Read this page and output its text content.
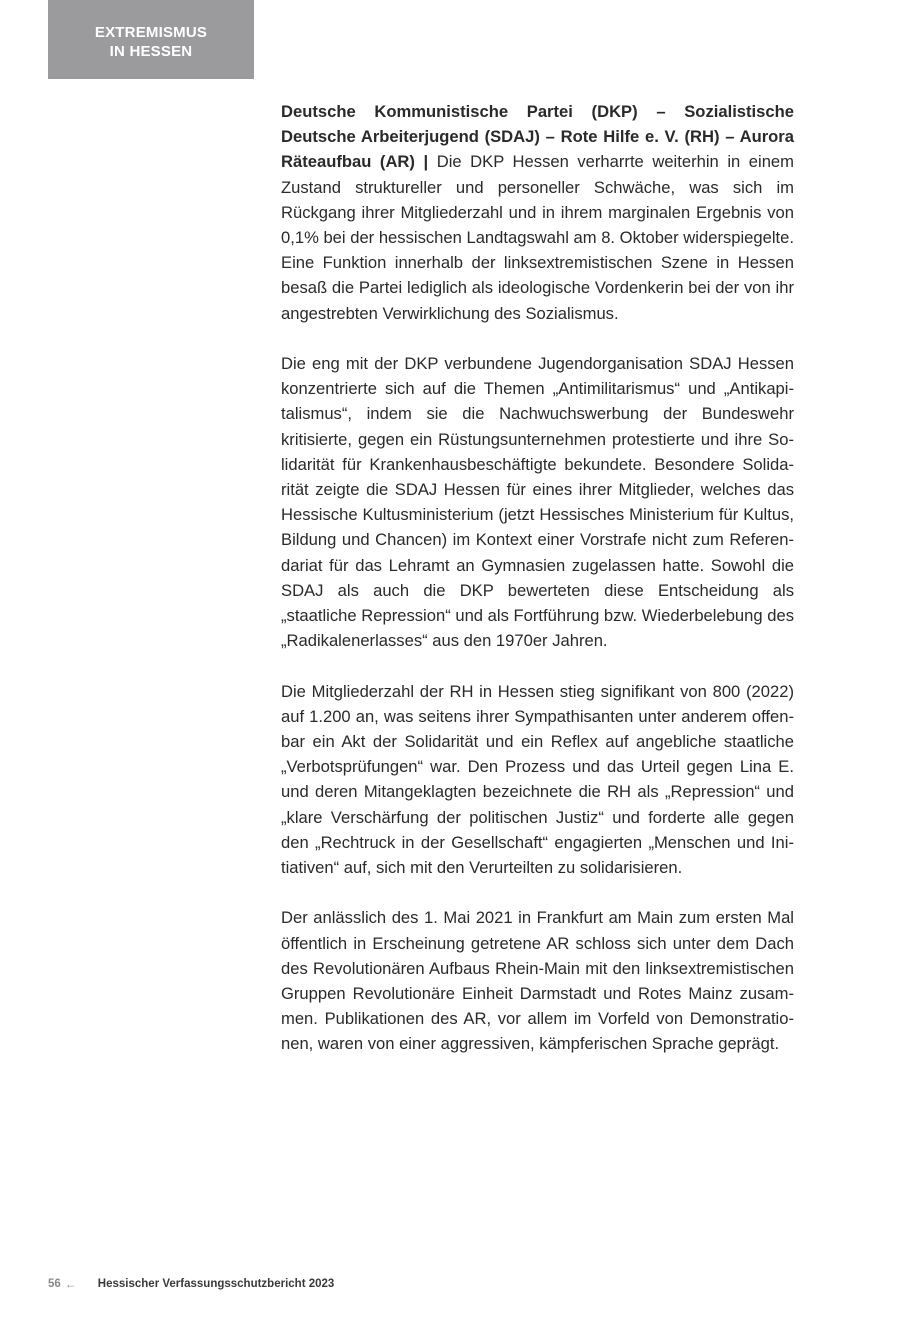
EXTREMISMUS
IN HESSEN

Deutsche Kommunistische Partei (DKP) – Sozialistische Deutsche Arbeiterjugend (SDAJ) – Rote Hilfe e. V. (RH) – Aurora Räteaufbau (AR) | Die DKP Hessen verharrte weiterhin in einem Zustand struktureller und personeller Schwäche, was sich im Rückgang ihrer Mitgliederzahl und in ihrem marginalen Ergebnis von 0,1% bei der hessischen Landtagswahl am 8. Oktober widerspiegelte. Eine Funktion innerhalb der linksextremistischen Szene in Hessen besaß die Partei lediglich als ideologische Vordenkerin bei der von ihr angestrebten Verwirklichung des Sozialismus.

Die eng mit der DKP verbundene Jugendorganisation SDAJ Hessen konzentrierte sich auf die Themen „Antimilitarismus“ und „Antikapitalismus“, indem sie die Nachwuchswerbung der Bundeswehr kritisierte, gegen ein Rüstungsunternehmen protestierte und ihre Solidarität für Krankenhausbeschäftigte bekundete. Besondere Solidarität zeigte die SDAJ Hessen für eines ihrer Mitglieder, welches das Hessische Kultusministerium (jetzt Hessisches Ministerium für Kultus, Bildung und Chancen) im Kontext einer Vorstrafe nicht zum Referendariat für das Lehramt an Gymnasien zugelassen hatte. Sowohl die SDAJ als auch die DKP bewerteten diese Entscheidung als „staatliche Repression“ und als Fortführung bzw. Wiederbelebung des „Radikalenerlasses“ aus den 1970er Jahren.

Die Mitgliederzahl der RH in Hessen stieg signifikant von 800 (2022) auf 1.200 an, was seitens ihrer Sympathisanten unter anderem offenbar ein Akt der Solidarität und ein Reflex auf angebliche staatliche „Verbotsprüfungen“ war. Den Prozess und das Urteil gegen Lina E. und deren Mitangeklagten bezeichnete die RH als „Repression“ und „klare Verschärfung der politischen Justiz“ und forderte alle gegen den „Rechtruck in der Gesellschaft“ engagierten „Menschen und Initiativen“ auf, sich mit den Verurteilten zu solidarisieren.

Der anlässlich des 1. Mai 2021 in Frankfurt am Main zum ersten Mal öffentlich in Erscheinung getretene AR schloss sich unter dem Dach des Revolutionären Aufbaus Rhein-Main mit den linksextremistischen Gruppen Revolutionäre Einheit Darmstadt und Rotes Mainz zusammen. Publikationen des AR, vor allem im Vorfeld von Demonstrationen, waren von einer aggressiven, kämpferischen Sprache geprägt.

56 ← Hessischer Verfassungsschutzbericht 2023
